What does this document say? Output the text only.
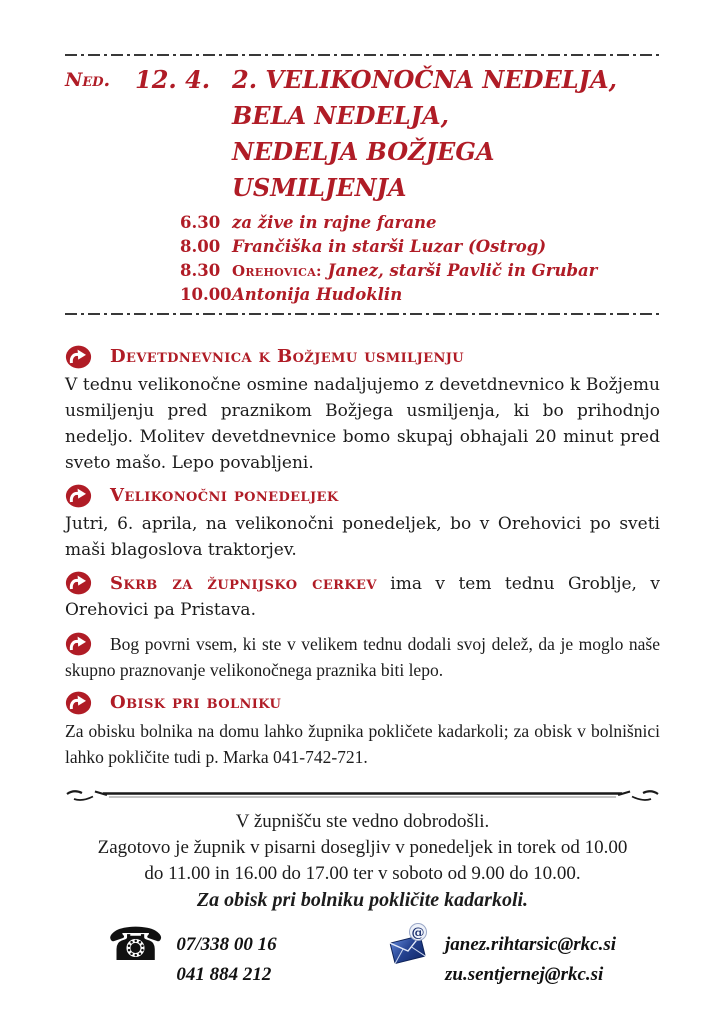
Ned.	12. 4. 2. VELIKONOČNA NEDELJA,
BELA NEDELJA,
NEDELJA BOŽJEGA
USMILJENJA
6.30 za žive in rajne farane
8.00 Frančiška in starši Luzar (Ostrog)
8.30 Orehovica: Janez, starši Pavlič in Grubar
10.00 Antonija Hudoklin
Devetdnevnica k Božjemu usmiljenju

V tednu velikonočne osmine nadaljujemo z devetdnevnico k Božjemu usmiljenju pred praznikom Božjega usmiljenja, ki bo prihodnjo nedeljo. Molitev devetdnevnice bomo skupaj obhajali 20 minut pred sveto mašo. Lepo povabljeni.

Velikonočni ponedeljek

Jutri, 6. aprila, na velikonočni ponedeljek, bo v Orehovici po sveti maši blagoslova traktorjev.

Skrb za župnijsko cerkev ima v tem tednu Groblje, v Orehovici pa Pristava.

Bog povrni vsem, ki ste v velikem tednu dodali svoj delež, da je moglo naše skupno praznovanje velikonočnega praznika biti lepo.

Obisk pri bolniku

Za obisku bolnika na domu lahko župnika pokličete kadarkoli; za obisk v bolnišnici lahko pokličite tudi p. Marka 041-742-721.

V župnišču ste vedno dobrodošli.
Zagotovo je župnik v pisarni dosegljiv v ponedeljek in torek od 10.00
do 11.00 in 16.00 do 17.00 ter v soboto od 9.00 do 10.00.
Za obisk pri bolniku pokličite kadarkoli.
☎ 07/338 00 16
041 884 212
@
janez.rihtarsic@rkc.si
zu.sentjernej@rkc.si
